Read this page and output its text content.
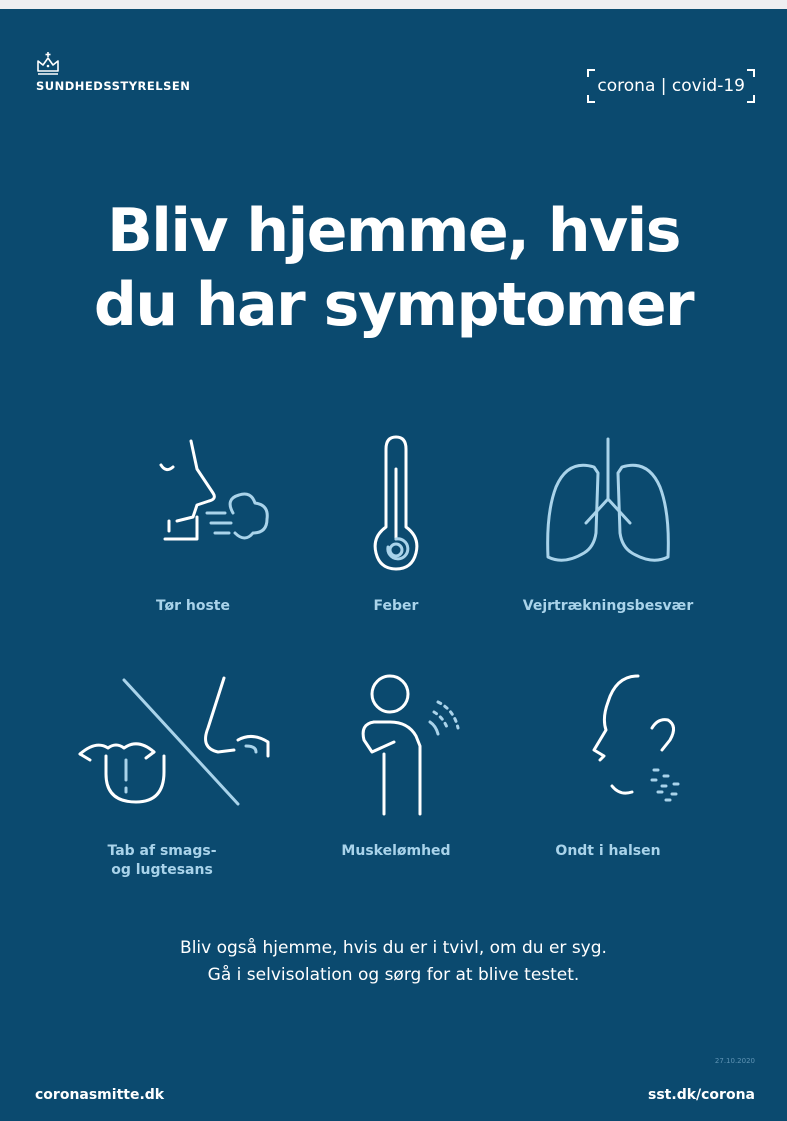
SUNDHEDSSTYRELSEN	corona | covid-19
Bliv hjemme, hvis
du har symptomer
Tør hoste	Feber	Vejrtrækningsbesvær
Tab af smags-
og lugtesans
Muskelømhed	Ondt i halsen
Bliv også hjemme, hvis du er i tvivl, om du er syg.
Gå i selvisolation og sørg for at blive testet.
27.10.2020
coronasmitte.dk	sst.dk/corona
